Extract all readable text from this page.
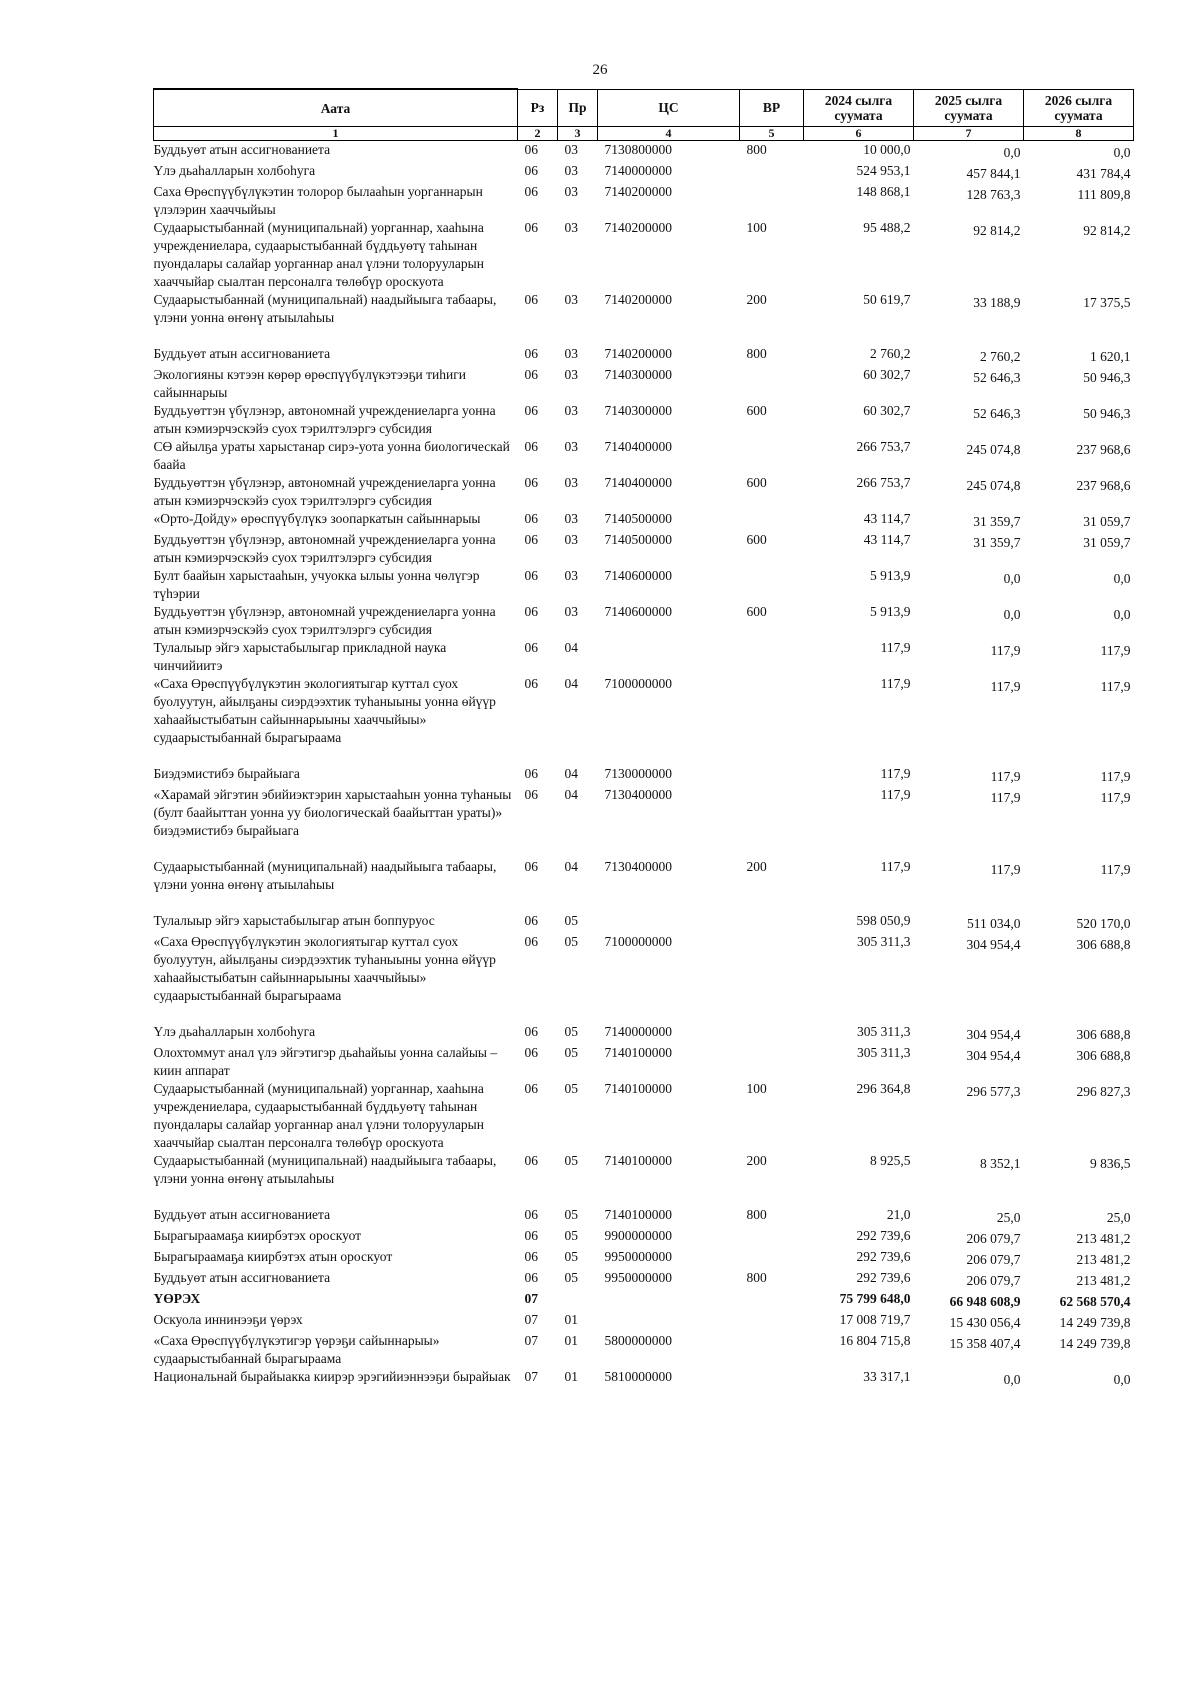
26
Аата	Рз	Пр	ЦС	ВР	2024 сылга суумата	2025 сылга суумата	2026 сылга суумата
1	2	3	4	5	6	7	8
Буддьуөт атын ассигнованиета	06	03	7130800000	800	10 000,0	0,0	0,0
Үлэ дьаһалларын холбоһуга	06	03	7140000000		524 953,1	457 844,1	431 784,4
Саха Өрөспүүбүлүкэтин толорор былааһын уорганнарын үлэлэрин хааччыйыы	06	03	7140200000		148 868,1	128 763,3	111 809,8
Судаарыстыбаннай (муниципальнай) уорганнар, хааһына учреждениелара, судаарыстыбаннай бүддьуөтү таһынан пуондалары салайар уорганнар анал үлэни толорууларын хааччыйар сыалтан персоналга төлөбүр ороскуота	06	03	7140200000	100	95 488,2	92 814,2	92 814,2
Судаарыстыбаннай (муниципальнай) наадыйыыга табаары, үлэни уонна өҥөнү атыылаһыы	06	03	7140200000	200	50 619,7	33 188,9	17 375,5
Буддьуөт атын ассигнованиета	06	03	7140200000	800	2 760,2	2 760,2	1 620,1
Экологияны кэтээн көрөр өрөспүүбүлүкэтээҕи тиһиги сайыннарыы	06	03	7140300000		60 302,7	52 646,3	50 946,3
Буддьуөттэн үбүлэнэр, автономнай учреждениеларга уонна атын кэмиэрчэскэйэ суох тэрилтэлэргэ субсидия	06	03	7140300000	600	60 302,7	52 646,3	50 946,3
СӨ айылҕа ураты харыстанар сирэ-уота уонна биологическай баайа	06	03	7140400000		266 753,7	245 074,8	237 968,6
Буддьуөттэн үбүлэнэр, автономнай учреждениеларга уонна атын кэмиэрчэскэйэ суох тэрилтэлэргэ субсидия	06	03	7140400000	600	266 753,7	245 074,8	237 968,6
«Орто-Дойду» өрөспүүбүлүкэ зоопаркатын сайыннарыы	06	03	7140500000		43 114,7	31 359,7	31 059,7
Буддьуөттэн үбүлэнэр, автономнай учреждениеларга уонна атын кэмиэрчэскэйэ суох тэрилтэлэргэ субсидия	06	03	7140500000	600	43 114,7	31 359,7	31 059,7
Булт баайын харыстааһын, учуокка ылыы уонна чөлүгэр түһэрии	06	03	7140600000		5 913,9	0,0	0,0
Буддьуөттэн үбүлэнэр, автономнай учреждениеларга уонна атын кэмиэрчэскэйэ суох тэрилтэлэргэ субсидия	06	03	7140600000	600	5 913,9	0,0	0,0
Тулалыыр эйгэ харыстабылыгар прикладной наука чинчийиитэ	06	04			117,9	117,9	117,9
«Саха Өрөспүүбүлүкэтин экологиятыгар куттал суох буолуутун, айылҕаны сиэрдээхтик туһаныыны уонна өйүүр хаһаайыстыбатын сайыннарыыны хааччыйыы» судаарыстыбаннай бырагыраама	06	04	7100000000		117,9	117,9	117,9
Биэдэмистибэ бырайыага	06	04	7130000000		117,9	117,9	117,9
«Харамай эйгэтин эбийиэктэрин харыстааһын уонна туһаныы (булт баайыттан уонна уу биологическай баайыттан ураты)» биэдэмистибэ бырайыага	06	04	7130400000		117,9	117,9	117,9
Судаарыстыбаннай (муниципальнай) наадыйыыга табаары, үлэни уонна өҥөнү атыылаһыы	06	04	7130400000	200	117,9	117,9	117,9
Тулалыыр эйгэ харыстабылыгар атын боппуруос	06	05			598 050,9	511 034,0	520 170,0
«Саха Өрөспүүбүлүкэтин экологиятыгар куттал суох буолуутун, айылҕаны сиэрдээхтик туһаныыны уонна өйүүр хаһаайыстыбатын сайыннарыыны хааччыйыы» судаарыстыбаннай бырагыраама	06	05	7100000000		305 311,3	304 954,4	306 688,8
Үлэ дьаһалларын холбоһуга	06	05	7140000000		305 311,3	304 954,4	306 688,8
Олохтоммут анал үлэ эйгэтигэр дьаһайыы уонна салайыы – киин аппарат	06	05	7140100000		305 311,3	304 954,4	306 688,8
Судаарыстыбаннай (муниципальнай) уорганнар, хааһына учреждениелара, судаарыстыбаннай бүддьуөтү таһынан пуондалары салайар уорганнар анал үлэни толорууларын хааччыйар сыалтан персоналга төлөбүр ороскуота	06	05	7140100000	100	296 364,8	296 577,3	296 827,3
Судаарыстыбаннай (муниципальнай) наадыйыыга табаары, үлэни уонна өҥөнү атыылаһыы	06	05	7140100000	200	8 925,5	8 352,1	9 836,5
Буддьуөт атын ассигнованиета	06	05	7140100000	800	21,0	25,0	25,0
Бырагыраамаҕа киирбэтэх ороскуот	06	05	9900000000		292 739,6	206 079,7	213 481,2
Бырагыраамаҕа киирбэтэх атын ороскуот	06	05	9950000000		292 739,6	206 079,7	213 481,2
Буддьуөт атын ассигнованиета	06	05	9950000000	800	292 739,6	206 079,7	213 481,2
ҮӨРЭХ	07				75 799 648,0	66 948 608,9	62 568 570,4
Оскуола иннинээҕи үөрэх	07	01			17 008 719,7	15 430 056,4	14 249 739,8
«Саха Өрөспүүбүлүкэтигэр үөрэҕи сайыннарыы» судаарыстыбаннай бырагыраама	07	01	5800000000		16 804 715,8	15 358 407,4	14 249 739,8
Национальнай бырайыакка киирэр эрэгийиэннээҕи бырайыак	07	01	5810000000		33 317,1	0,0	0,0
